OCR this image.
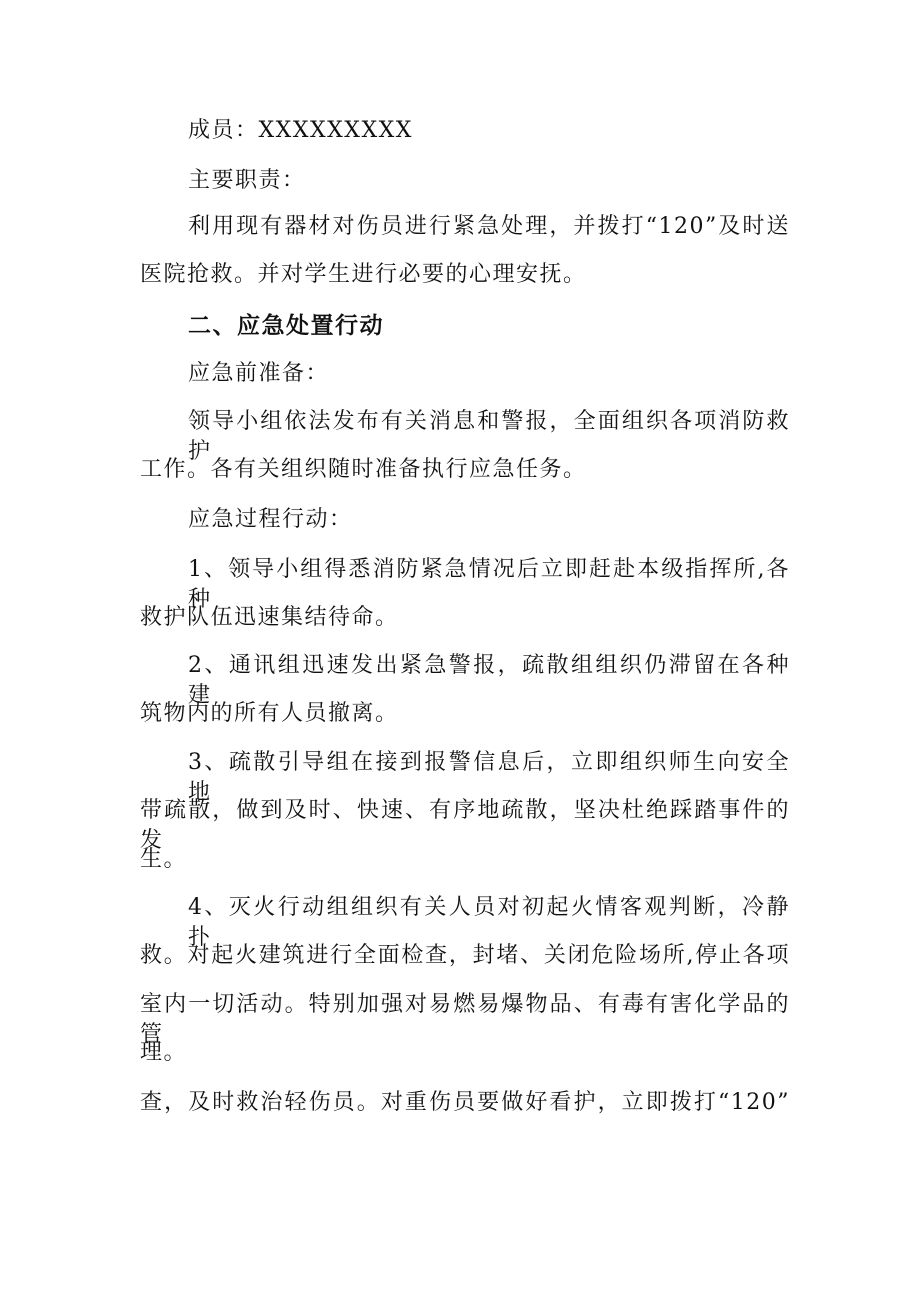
成员：XXXXXXXXX
主要职责：
利用现有器材对伤员进行紧急处理，并拨打“120”及时送
医院抢救。并对学生进行必要的心理安抚。
二、应急处置行动
应急前准备：
领导小组依法发布有关消息和警报，全面组织各项消防救护
工作。各有关组织随时准备执行应急任务。
应急过程行动：
1、领导小组得悉消防紧急情况后立即赶赴本级指挥所,各种
救护队伍迅速集结待命。
2、通讯组迅速发出紧急警报，疏散组组织仍滞留在各种建
筑物内的所有人员撤离。
3、疏散引导组在接到报警信息后，立即组织师生向安全地
带疏散，做到及时、快速、有序地疏散，坚决杜绝踩踏事件的发
生。
4、灭火行动组组织有关人员对初起火情客观判断，冷静扑
救。对起火建筑进行全面检查，封堵、关闭危险场所,停止各项
室内一切活动。特别加强对易燃易爆物品、有毒有害化学品的管
理。
查，及时救治轻伤员。对重伤员要做好看护，立即拨打“120”
